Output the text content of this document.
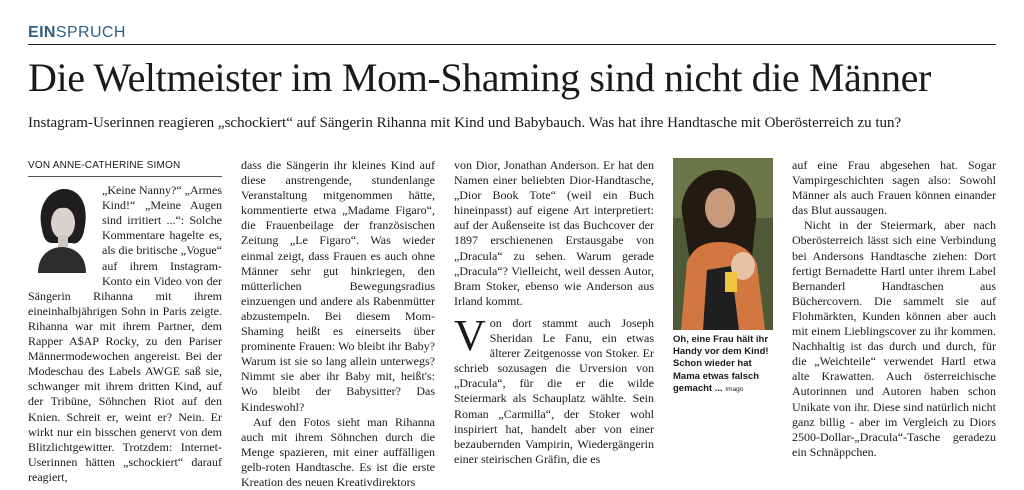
EINSPRUCH
Die Weltmeister im Mom-Shaming sind nicht die Männer

Instagram-Userinnen reagieren „schockiert“ auf Sängerin Rihanna mit Kind und Babybauch. Was hat ihre Handtasche mit Oberösterreich zu tun?

VON ANNE-CATHERINE SIMON

„Keine Nanny?“ „Armes Kind!“ „Meine Augen sind irritiert ...“: Solche Kommentare hagelte es, als die britische „Vogue“ auf ihrem Instagram-Konto ein Video von der Sängerin Rihanna mit ihrem eineinhalbjährigen Sohn in Paris zeigte. Rihanna war mit ihrem Partner, dem Rapper A$AP Rocky, zu den Pariser Männermodewochen angereist. Bei der Modeschau des Labels AWGE saß sie, schwanger mit ihrem dritten Kind, auf der Tribüne, Söhnchen Riot auf den Knien. Schreit er, weint er? Nein. Er wirkt nur ein bisschen genervt von dem Blitzlichtgewitter. Trotzdem: Internet-Userinnen hätten „schockiert“ darauf reagiert,

dass die Sängerin ihr kleines Kind auf diese anstrengende, stundenlange Veranstaltung mitgenommen hätte, kommentierte etwa „Madame Figaro“, die Frauenbeilage der französischen Zeitung „Le Figaro“. Was wieder einmal zeigt, dass Frauen es auch ohne Männer sehr gut hinkriegen, den mütterlichen Bewegungsradius einzuengen und andere als Rabenmütter abzustempeln. Bei diesem Mom-Shaming heißt es einerseits über prominente Frauen: Wo bleibt ihr Baby? Warum ist sie so lang allein unterwegs? Nimmt sie aber ihr Baby mit, heißt's: Wo bleibt der Babysitter? Das Kindeswohl?

Auf den Fotos sieht man Rihanna auch mit ihrem Söhnchen durch die Menge spazieren, mit einer auffälligen gelb-roten Handtasche. Es ist die erste Kreation des neuen Kreativdirektors

von Dior, Jonathan Anderson. Er hat den Namen einer beliebten Dior-Handtasche, „Dior Book Tote“ (weil ein Buch hineinpasst) auf eigene Art interpretiert: auf der Außenseite ist das Buchcover der 1897 erschienenen Erstausgabe von „Dracula“ zu sehen. Warum gerade „Dracula“? Vielleicht, weil dessen Autor, Bram Stoker, ebenso wie Anderson aus Irland kommt.

Von dort stammt auch Joseph Sheridan Le Fanu, ein etwas älterer Zeitgenosse von Stoker. Er schrieb sozusagen die Urversion von „Dracula“, für die er die wilde Steiermark als Schauplatz wählte. Sein Roman „Carmilla“, der Stoker wohl inspiriert hat, handelt aber von einer bezaubernden Vampirin, Wiedergängerin einer steirischen Gräfin, die es

Oh, eine Frau hält ihr Handy vor dem Kind! Schon wieder hat Mama etwas falsch gemacht ... Imago

auf eine Frau abgesehen hat. Sogar Vampirgeschichten sagen also: Sowohl Männer als auch Frauen können einander das Blut aussaugen.

Nicht in der Steiermark, aber nach Oberösterreich lässt sich eine Verbindung bei Andersons Handtasche ziehen: Dort fertigt Bernadette Hartl unter ihrem Label Bernanderl Handtaschen aus Büchercovern. Die sammelt sie auf Flohmärkten, Kunden können aber auch mit einem Lieblingscover zu ihr kommen. Nachhaltig ist das durch und durch, für die „Weichteile“ verwendet Hartl etwa alte Krawatten. Auch österreichische Autorinnen und Autoren haben schon Unikate von ihr. Diese sind natürlich nicht ganz billig - aber im Vergleich zu Diors 2500-Dollar-„Dracula“-Tasche geradezu ein Schnäppchen.
